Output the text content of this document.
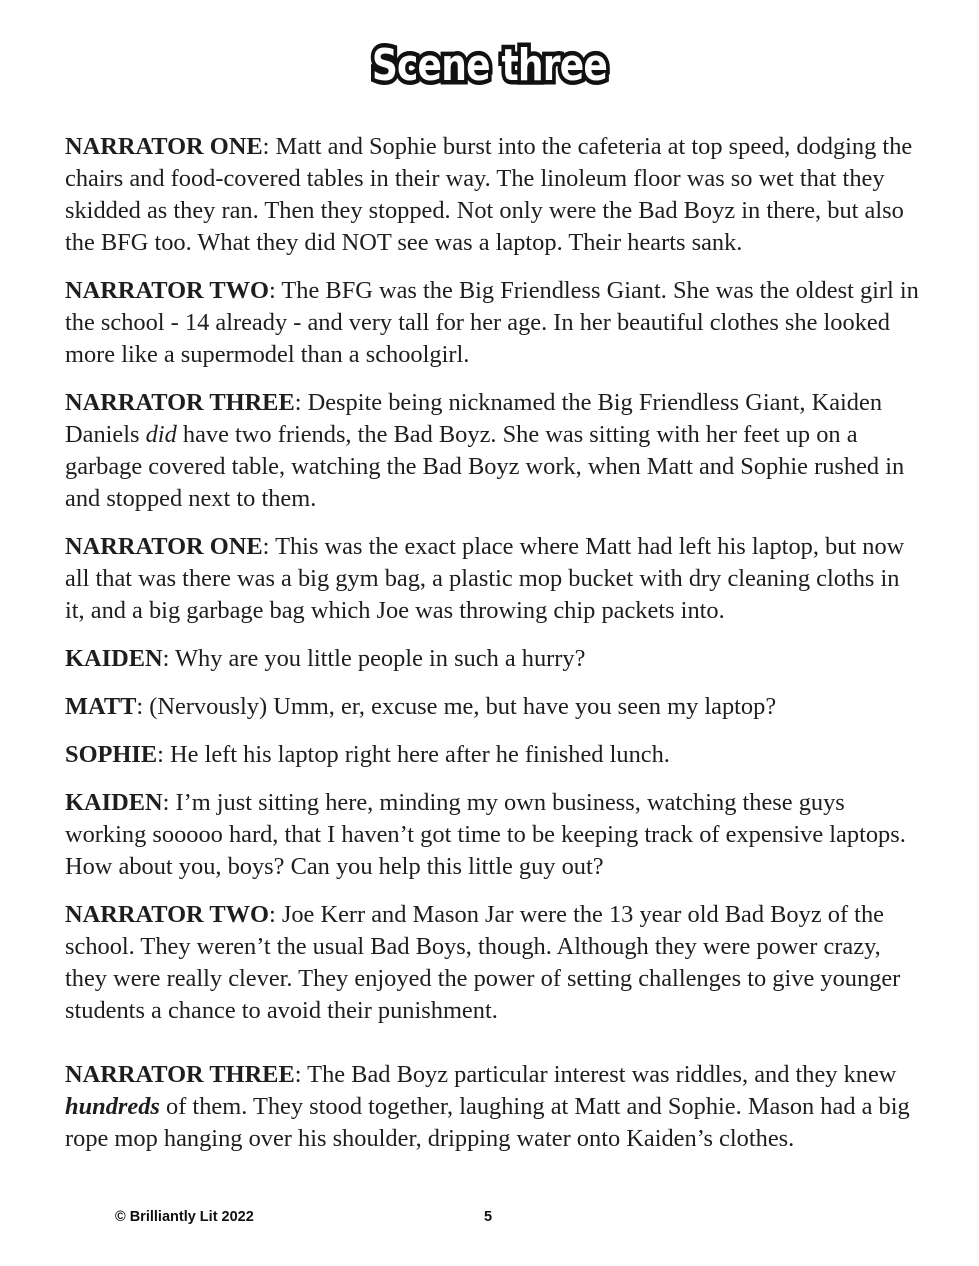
Scene three

NARRATOR ONE: Matt and Sophie burst into the cafeteria at top speed, dodging the chairs and food-covered tables in their way. The linoleum floor was so wet that they skidded as they ran. Then they stopped. Not only were the Bad Boyz in there, but also the BFG too. What they did NOT see was a laptop. Their hearts sank.

NARRATOR TWO: The BFG was the Big Friendless Giant. She was the oldest girl in the school - 14 already - and very tall for her age. In her beautiful clothes she looked more like a supermodel than a schoolgirl.

NARRATOR THREE: Despite being nicknamed the Big Friendless Giant, Kaiden Daniels did have two friends, the Bad Boyz. She was sitting with her feet up on a garbage covered table, watching the Bad Boyz work, when Matt and Sophie rushed in and stopped next to them.

NARRATOR ONE: This was the exact place where Matt had left his laptop, but now all that was there was a big gym bag, a plastic mop bucket with dry cleaning cloths in it, and a big garbage bag which Joe was throwing chip packets into.

KAIDEN: Why are you little people in such a hurry?

MATT: (Nervously) Umm, er, excuse me, but have you seen my laptop?

SOPHIE: He left his laptop right here after he finished lunch.

KAIDEN: I’m just sitting here, minding my own business, watching these guys working sooooo hard, that I haven’t got time to be keeping track of expensive laptops. How about you, boys? Can you help this little guy out?

NARRATOR TWO: Joe Kerr and Mason Jar were the 13 year old Bad Boyz of the school. They weren’t the usual Bad Boys, though. Although they were power crazy, they were really clever. They enjoyed the power of setting challenges to give younger students a chance to avoid their punishment.

NARRATOR THREE: The Bad Boyz particular interest was riddles, and they knew hundreds of them. They stood together, laughing at Matt and Sophie. Mason had a big rope mop hanging over his shoulder, dripping water onto Kaiden’s clothes.

© Brilliantly Lit 2022	5
